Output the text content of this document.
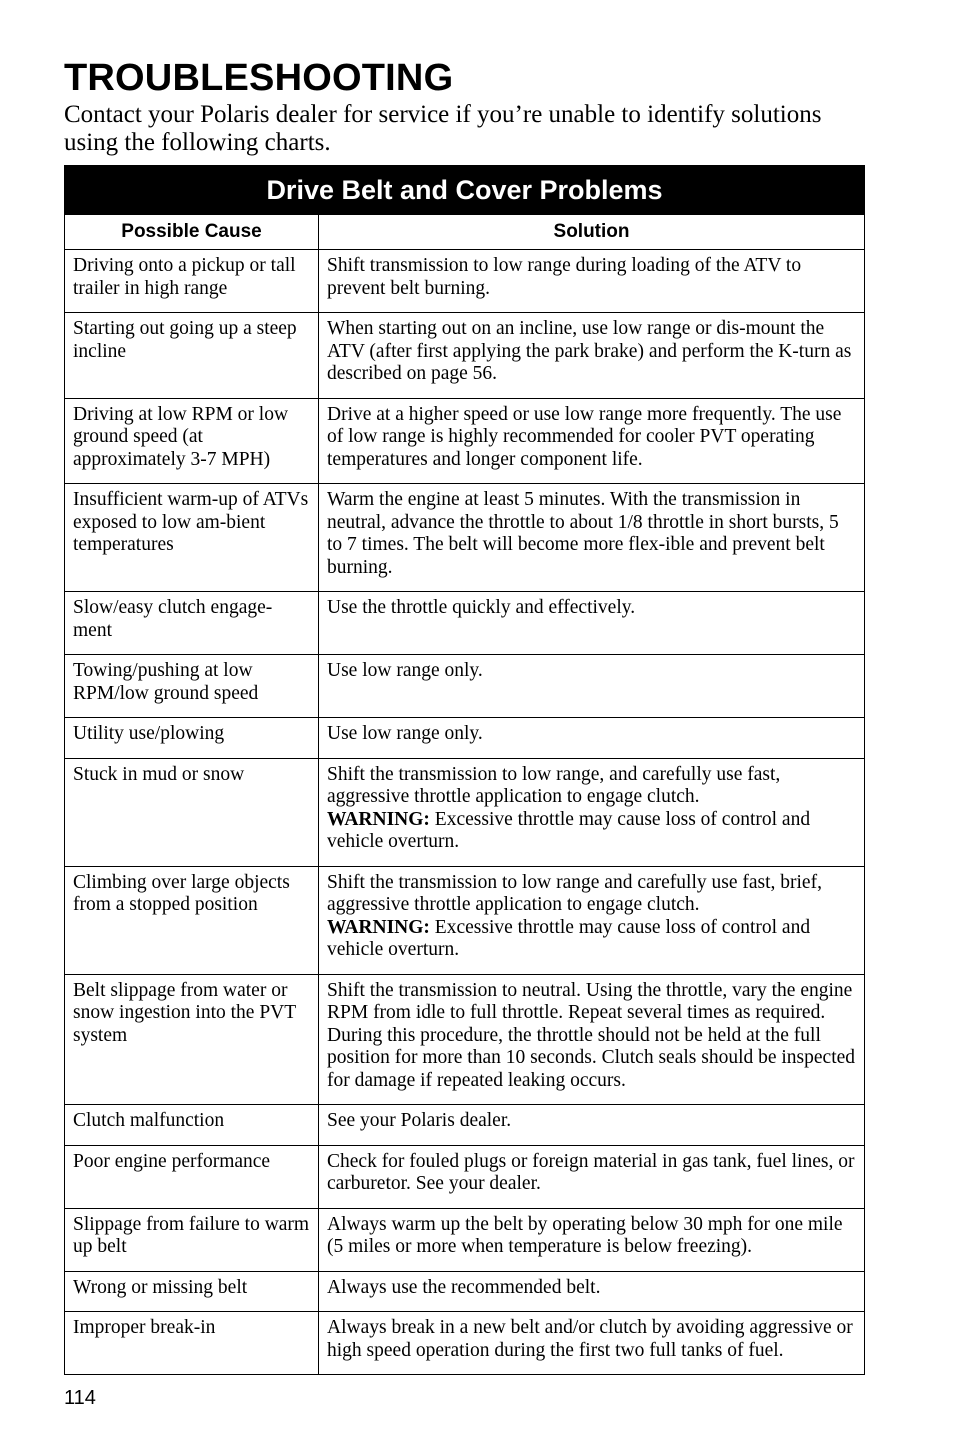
TROUBLESHOOTING

Contact your Polaris dealer for service if you’re unable to identify solutions using the following charts.

Drive Belt and Cover Problems	
Possible Cause	Solution
Driving onto a pickup or tall trailer in high range	Shift transmission to low range during loading of the ATV to prevent belt burning.
Starting out going up a steep incline	When starting out on an incline, use low range or dis-mount the ATV (after first applying the park brake) and perform the K-turn as described on page 56.
Driving at low RPM or low ground speed (at approximately 3-7 MPH)	Drive at a higher speed or use low range more frequently. The use of low range is highly recommended for cooler PVT operating temperatures and longer component life.
Insufficient warm-up of ATVs exposed to low am-bient temperatures	Warm the engine at least 5 minutes. With the transmission in neutral, advance the throttle to about 1/8 throttle in short bursts, 5 to 7 times. The belt will become more flex-ible and prevent belt burning.
Slow/easy clutch engage-ment	Use the throttle quickly and effectively.
Towing/pushing at low RPM/low ground speed	Use low range only.
Utility use/plowing	Use low range only.
Stuck in mud or snow	Shift the transmission to low range, and carefully use fast, aggressive throttle application to engage clutch.
WARNING: Excessive throttle may cause loss of control and vehicle overturn.
Climbing over large objects from a stopped position	Shift the transmission to low range and carefully use fast, brief, aggressive throttle application to engage clutch.
WARNING: Excessive throttle may cause loss of control and vehicle overturn.
Belt slippage from water or snow ingestion into the PVT system	Shift the transmission to neutral. Using the throttle, vary the engine RPM from idle to full throttle. Repeat several times as required. During this procedure, the throttle should not be held at the full position for more than 10 seconds. Clutch seals should be inspected for damage if repeated leaking occurs.
Clutch malfunction	See your Polaris dealer.
Poor engine performance	Check for fouled plugs or foreign material in gas tank, fuel lines, or carburetor. See your dealer.
Slippage from failure to warm up belt	Always warm up the belt by operating below 30 mph for one mile (5 miles or more when temperature is below freezing).
Wrong or missing belt	Always use the recommended belt.
Improper break-in	Always break in a new belt and/or clutch by avoiding aggressive or high speed operation during the first two full tanks of fuel.

114
